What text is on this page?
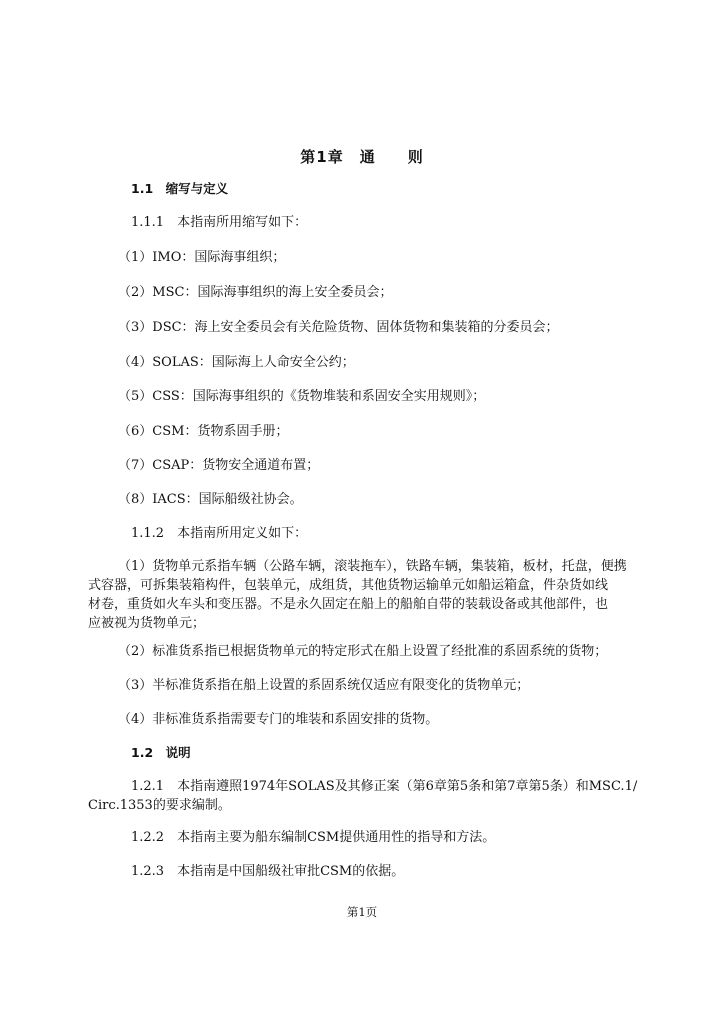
第1章　通　　则
1.1　缩写与定义
1.1.1　本指南所用缩写如下：
（1）IMO：国际海事组织；
（2）MSC：国际海事组织的海上安全委员会；
（3）DSC：海上安全委员会有关危险货物、固体货物和集装箱的分委员会；
（4）SOLAS：国际海上人命安全公约；
（5）CSS：国际海事组织的《货物堆装和系固安全实用规则》；
（6）CSM：货物系固手册；
（7）CSAP：货物安全通道布置；
（8）IACS：国际船级社协会。
1.1.2　本指南所用定义如下：
（1）货物单元系指车辆（公路车辆，滚装拖车），铁路车辆，集装箱，板材，托盘，便携
式容器，可拆集装箱构件，包装单元，成组货，其他货物运输单元如船运箱盒，件杂货如线
材卷，重货如火车头和变压器。不是永久固定在船上的船舶自带的装载设备或其他部件，也
应被视为货物单元；
（2）标准货系指已根据货物单元的特定形式在船上设置了经批准的系固系统的货物；
（3）半标准货系指在船上设置的系固系统仅适应有限变化的货物单元；
（4）非标准货系指需要专门的堆装和系固安排的货物。
1.2　说明
1.2.1　本指南遵照1974年SOLAS及其修正案（第6章第5条和第7章第5条）和MSC.1/
Circ.1353的要求编制。
1.2.2　本指南主要为船东编制CSM提供通用性的指导和方法。
1.2.3　本指南是中国船级社审批CSM的依据。
第1页
